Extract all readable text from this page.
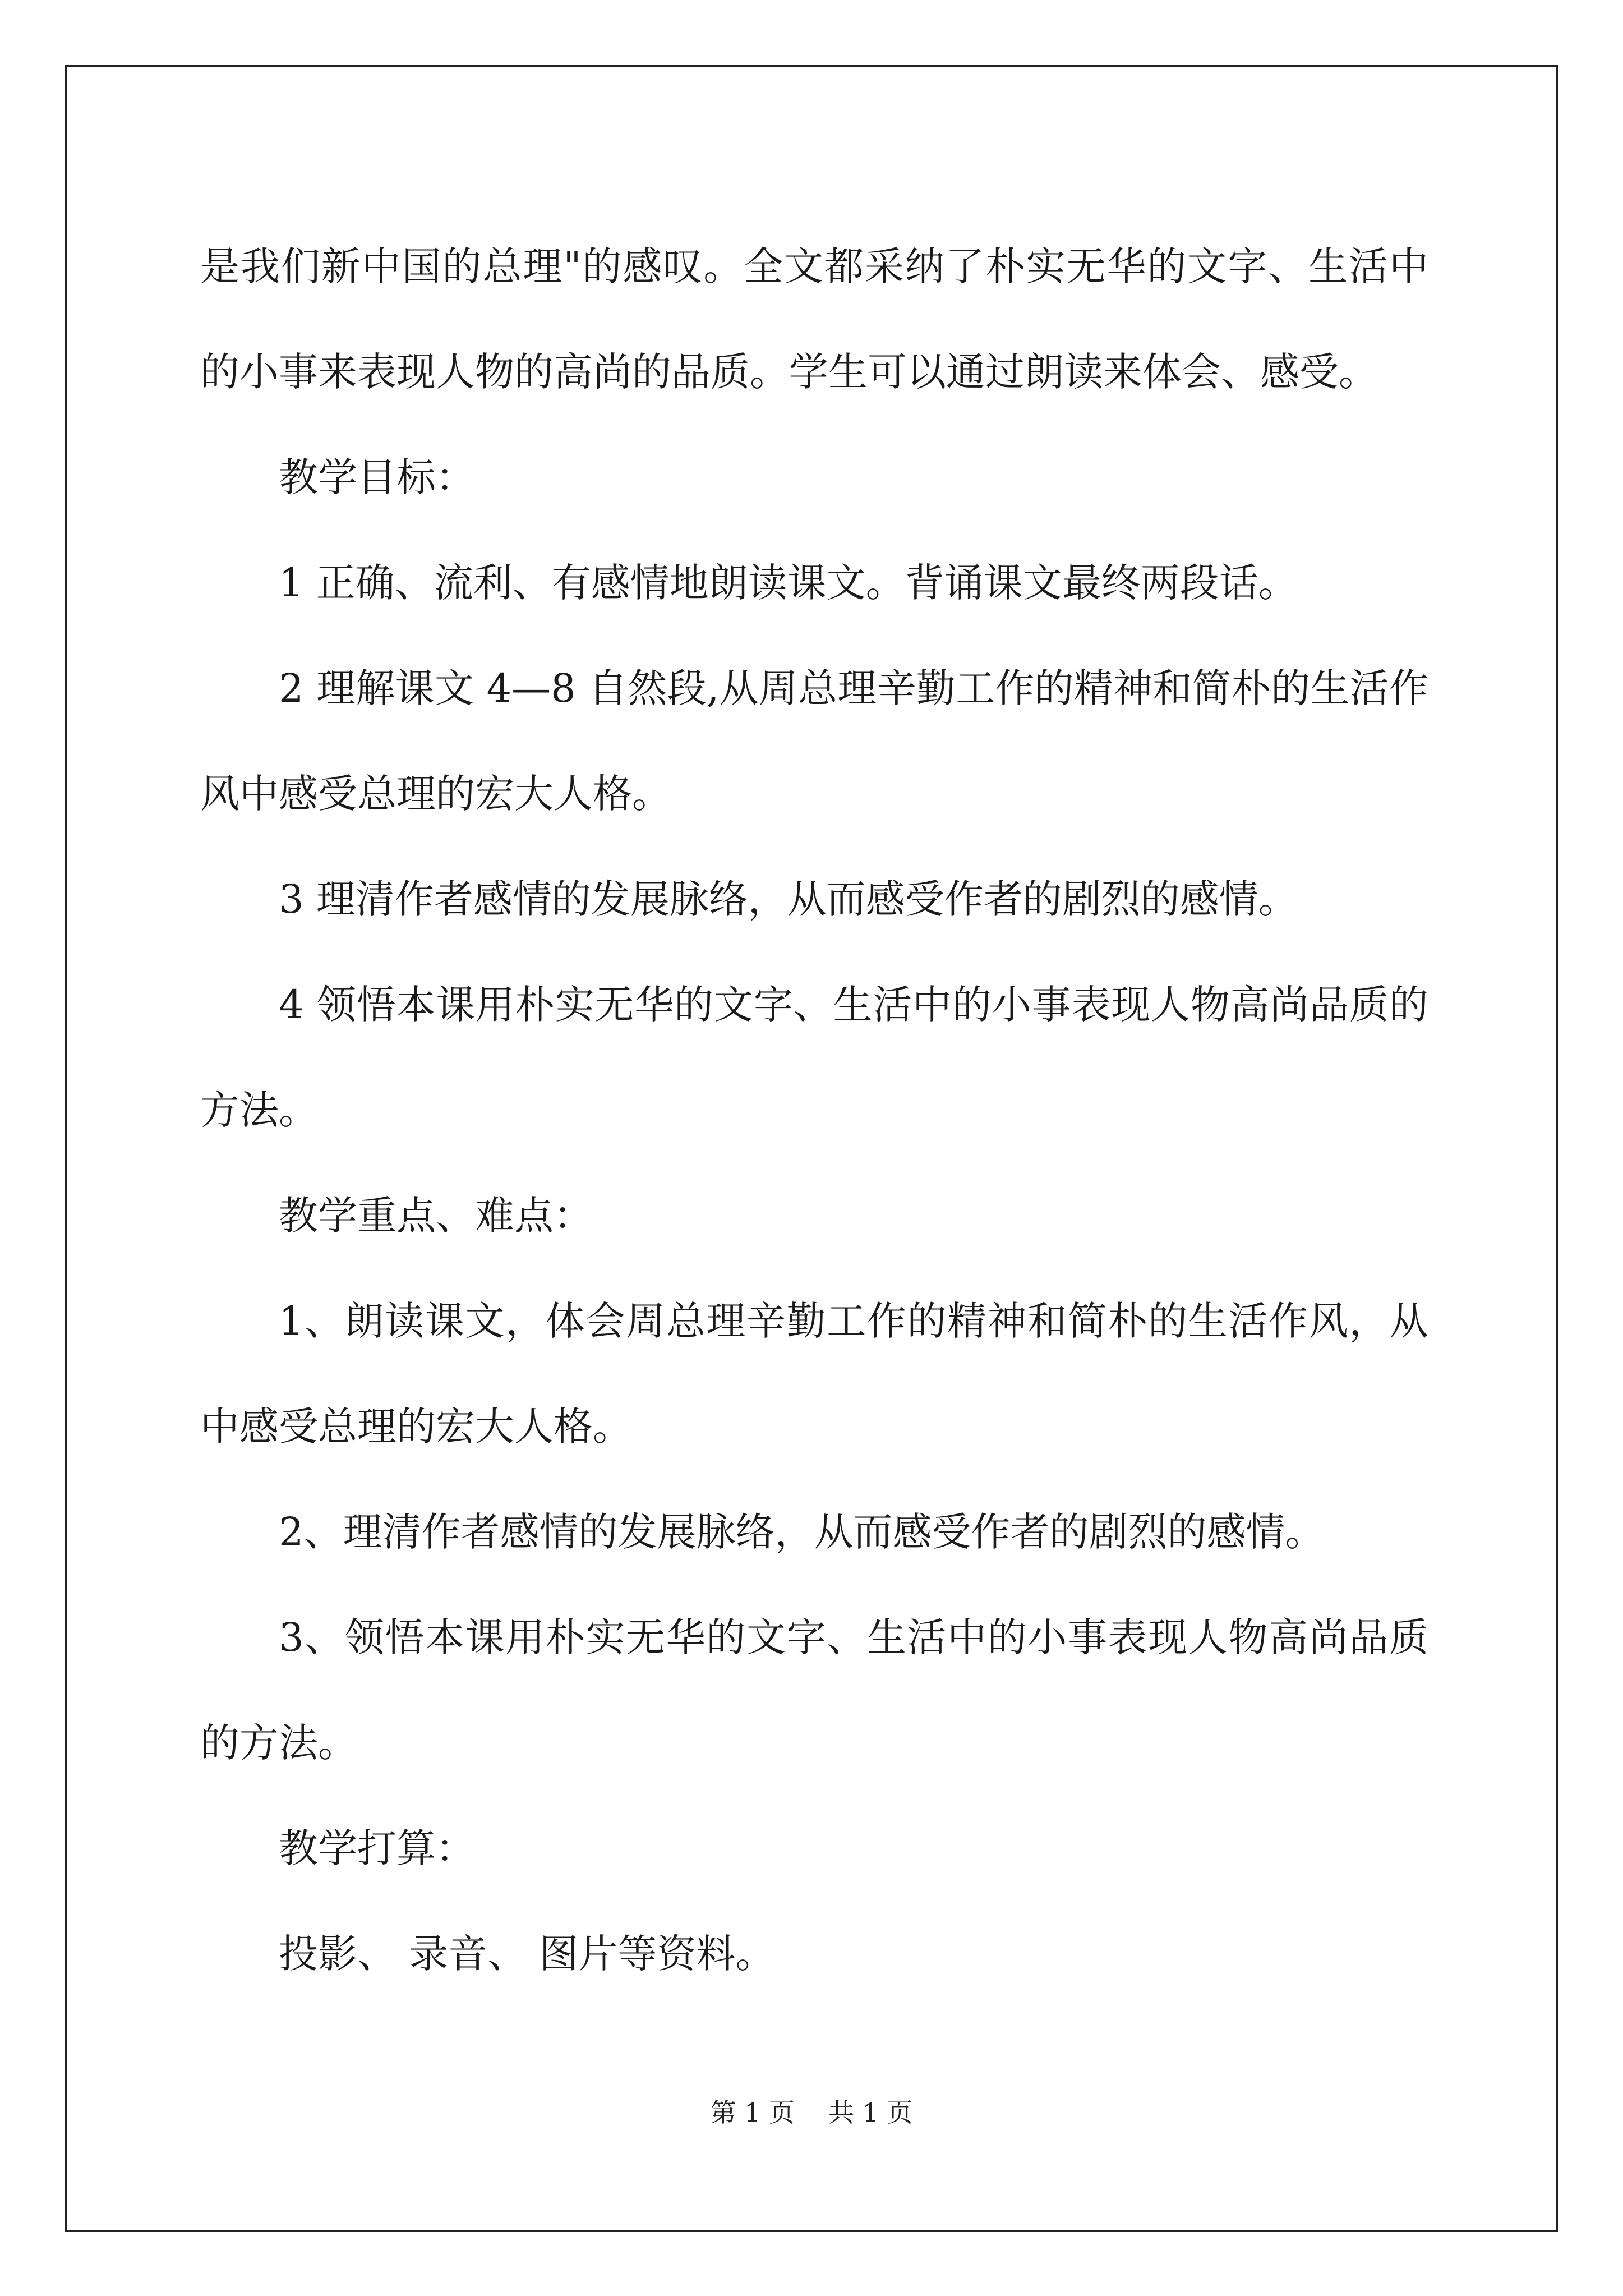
是我们新中国的总理"的感叹。全文都采纳了朴实无华的文字、生活中的小事来表现人物的高尚的品质。学生可以通过朗读来体会、感受。

教学目标：

1 正确、流利、有感情地朗读课文。背诵课文最终两段话。

2 理解课文 4—8 自然段,从周总理辛勤工作的精神和简朴的生活作风中感受总理的宏大人格。

3 理清作者感情的发展脉络，从而感受作者的剧烈的感情。

4 领悟本课用朴实无华的文字、生活中的小事表现人物高尚品质的方法。

教学重点、难点：

1、朗读课文，体会周总理辛勤工作的精神和简朴的生活作风，从中感受总理的宏大人格。

2、理清作者感情的发展脉络，从而感受作者的剧烈的感情。

3、领悟本课用朴实无华的文字、生活中的小事表现人物高尚品质的方法。

教学打算：

投影、 录音、 图片等资料。

第 1 页 共 1 页
